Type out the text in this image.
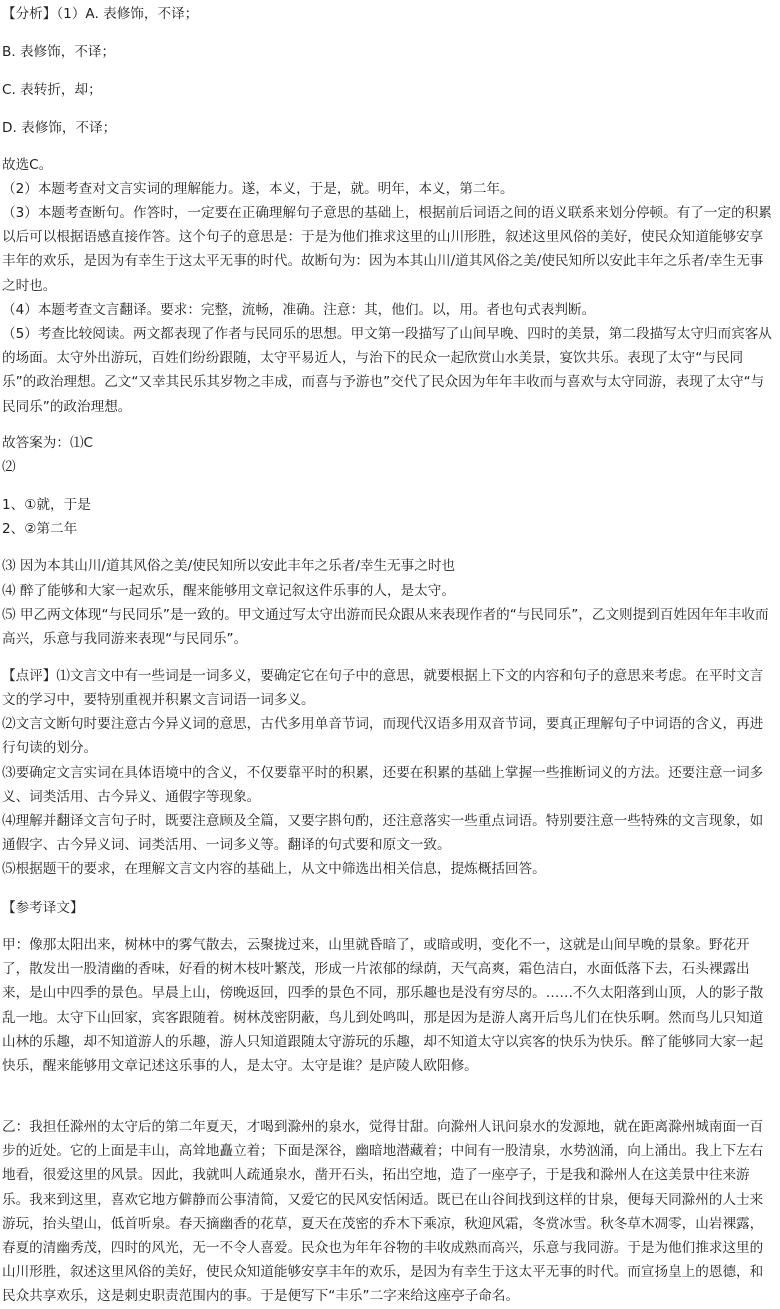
【分析】（1）A. 表修饰，不译；
B. 表修饰，不译；
C. 表转折，却；
D. 表修饰，不译；
故选C。
（2）本题考查对文言实词的理解能力。遂，本义，于是，就。明年，本义，第二年。
（3）本题考查断句。作答时，一定要在正确理解句子意思的基础上，根据前后词语之间的语义联系来划分停顿。有了一定的积累以后可以根据语感直接作答。这个句子的意思是：于是为他们推求这里的山川形胜，叙述这里风俗的美好，使民众知道能够安享丰年的欢乐，是因为有幸生于这太平无事的时代。故断句为：因为本其山川/道其风俗之美/使民知所以安此丰年之乐者/幸生无事之时也。
（4）本题考查文言翻译。要求：完整，流畅，准确。注意：其，他们。以，用。者也句式表判断。
（5）考查比较阅读。两文都表现了作者与民同乐的思想。甲文第一段描写了山间早晚、四时的美景，第二段描写太守归而宾客从的场面。太守外出游玩，百姓们纷纷跟随，太守平易近人，与治下的民众一起欣赏山水美景，宴饮共乐。表现了太守“与民同乐”的政治理想。乙文“又幸其民乐其岁物之丰成，而喜与予游也”交代了民众因为年年丰收而与喜欢与太守同游，表现了太守“与民同乐”的政治理想。
故答案为：⑴C
⑵
1、①就，于是
2、②第二年
⑶ 因为本其山川/道其风俗之美/使民知所以安此丰年之乐者/幸生无事之时也
⑷ 醉了能够和大家一起欢乐，醒来能够用文章记叙这件乐事的人，是太守。
⑸ 甲乙两文体现“与民同乐”是一致的。甲文通过写太守出游而民众跟从来表现作者的“与民同乐”，乙文则提到百姓因年年丰收而高兴，乐意与我同游来表现“与民同乐”。
【点评】⑴文言文中有一些词是一词多义，要确定它在句子中的意思，就要根据上下文的内容和句子的意思来考虑。在平时文言文的学习中，要特别重视并积累文言词语一词多义。
⑵文言文断句时要注意古今异义词的意思，古代多用单音节词，而现代汉语多用双音节词，要真正理解句子中词语的含义，再进行句读的划分。
⑶要确定文言实词在具体语境中的含义，不仅要靠平时的积累，还要在积累的基础上掌握一些推断词义的方法。还要注意一词多义、词类活用、古今异义、通假字等现象。
⑷理解并翻译文言句子时，既要注意顾及全篇，又要字斟句酌，还注意落实一些重点词语。特别要注意一些特殊的文言现象，如通假字、古今异义词、词类活用、一词多义等。翻译的句式要和原文一致。
⑸根据题干的要求，在理解文言文内容的基础上，从文中筛选出相关信息，提炼概括回答。
【参考译文】
甲：像那太阳出来，树林中的雾气散去，云聚拢过来，山里就昏暗了，或暗或明，变化不一，这就是山间早晚的景象。野花开了，散发出一股清幽的香味，好看的树木枝叶繁茂，形成一片浓郁的绿荫，天气高爽，霜色洁白，水面低落下去，石头裸露出来，是山中四季的景色。早晨上山，傍晚返回，四季的景色不同，那乐趣也是没有穷尽的。……不久太阳落到山顶，人的影子散乱一地。太守下山回家，宾客跟随着。树林茂密阴蔽，鸟儿到处鸣叫，那是因为是游人离开后鸟儿们在快乐啊。然而鸟儿只知道山林的乐趣，却不知道游人的乐趣，游人只知道跟随太守游玩的乐趣，却不知道太守以宾客的快乐为快乐。醉了能够同大家一起快乐，醒来能够用文章记述这乐事的人，是太守。太守是谁？是庐陵人欧阳修。
乙：我担任滁州的太守后的第二年夏天，才喝到滁州的泉水，觉得甘甜。向滁州人讯问泉水的发源地，就在距离滁州城南面一百步的近处。它的上面是丰山，高耸地矗立着；下面是深谷，幽暗地潜藏着；中间有一股清泉，水势汹涌，向上涌出。我上下左右地看，很爱这里的风景。因此，我就叫人疏通泉水，凿开石头，拓出空地，造了一座亭子，于是我和滁州人在这美景中往来游乐。我来到这里，喜欢它地方僻静而公事清简，又爱它的民风安恬闲适。既已在山谷间找到这样的甘泉，便每天同滁州的人士来游玩，抬头望山，低首听泉。春天摘幽香的花草，夏天在茂密的乔木下乘凉，秋迎风霜，冬赏冰雪。秋冬草木凋零，山岩裸露，春夏的清幽秀茂，四时的风光，无一不令人喜爱。民众也为年年谷物的丰收成熟而高兴，乐意与我同游。于是为他们推求这里的山川形胜，叙述这里风俗的美好，使民众知道能够安享丰年的欢乐，是因为有幸生于这太平无事的时代。而宣扬皇上的恩德，和民众共享欢乐，这是刺史职责范围内的事。于是便写下“丰乐”二字来给这座亭子命名。
